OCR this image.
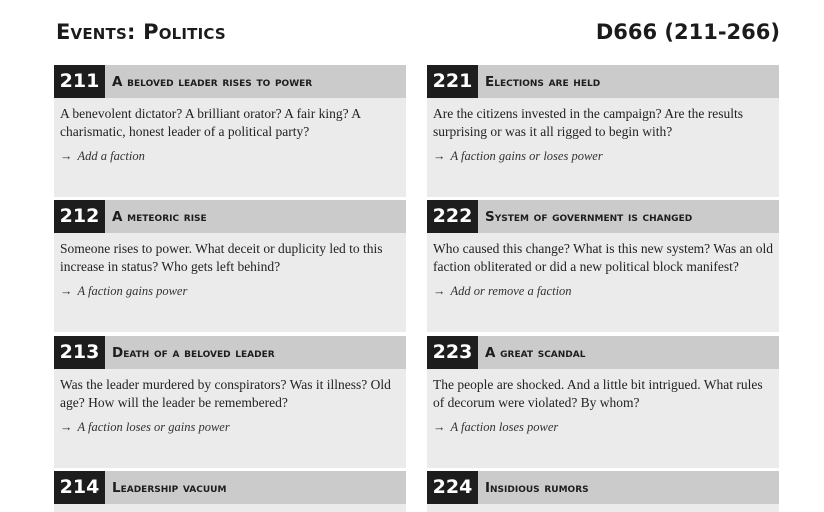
Events: Politics	D666 (211-266)
211 A beloved leader rises to power
A benevolent dictator? A brilliant orator? A fair king? A charismatic, honest leader of a political party?
→ Add a faction
221 Elections are held
Are the citizens invested in the campaign? Are the results surprising or was it all rigged to begin with?
→ A faction gains or loses power
212 A meteoric rise
Someone rises to power. What deceit or duplicity led to this increase in status? Who gets left behind?
→ A faction gains power
222 System of government is changed
Who caused this change? What is this new system? Was an old faction obliterated or did a new political block manifest?
→ Add or remove a faction
213 Death of a beloved leader
Was the leader murdered by conspirators? Was it illness? Old age? How will the leader be remembered?
→ A faction loses or gains power
223 A great scandal
The people are shocked. And a little bit intrigued. What rules of decorum were violated? By whom?
→ A faction loses power
214 Leadership vacuum	224 Insidious rumors
